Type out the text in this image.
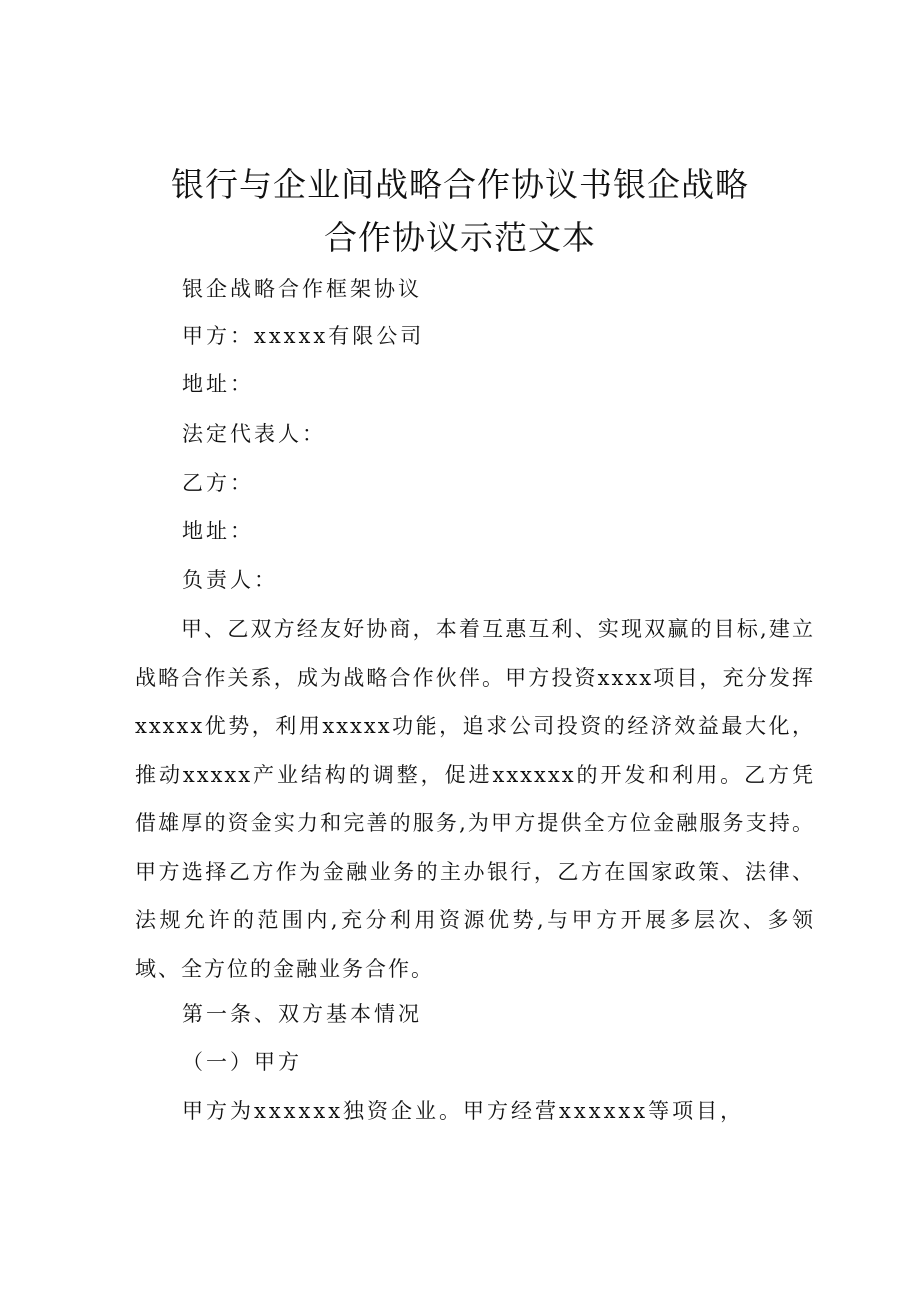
银行与企业间战略合作协议书银企战略
合作协议示范文本

银企战略合作框架协议

甲方：xxxxx有限公司

地址：

法定代表人：

乙方：

地址：

负责人：

甲、乙双方经友好协商，本着互惠互利、实现双赢的目标,建立战略合作关系，成为战略合作伙伴。甲方投资xxxx项目，充分发挥xxxxx优势，利用xxxxx功能，追求公司投资的经济效益最大化，推动xxxxx产业结构的调整，促进xxxxxx的开发和利用。乙方凭借雄厚的资金实力和完善的服务,为甲方提供全方位金融服务支持。甲方选择乙方作为金融业务的主办银行，乙方在国家政策、法律、法规允许的范围内,充分利用资源优势,与甲方开展多层次、多领域、全方位的金融业务合作。

第一条、双方基本情况

（一）甲方

甲方为xxxxxx独资企业。甲方经营xxxxxx等项目，
